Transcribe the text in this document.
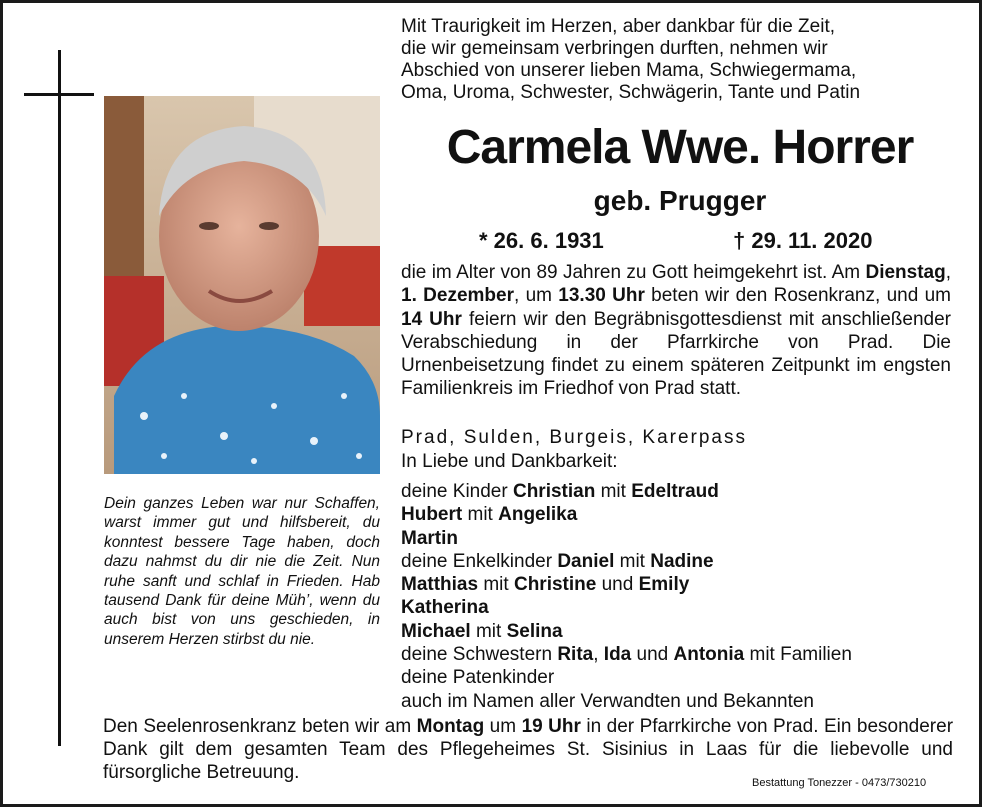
Mit Traurigkeit im Herzen, aber dankbar für die Zeit,
die wir gemeinsam verbringen durften, nehmen wir
Abschied von unserer lieben Mama, Schwiegermama,
Oma, Uroma, Schwester, Schwägerin, Tante und Patin
Carmela Wwe. Horrer
geb. Prugger
* 26. 6. 1931	† 29. 11. 2020
die im Alter von 89 Jahren zu Gott heimgekehrt ist. Am Dienstag, 1. Dezember, um 13.30 Uhr beten wir den Rosenkranz, und um 14 Uhr feiern wir den Begräbnisgottesdienst mit anschließender Verabschiedung in der Pfarrkirche von Prad. Die Urnenbeisetzung findet zu einem späteren Zeitpunkt im engsten Familienkreis im Friedhof von Prad statt.
Prad, Sulden, Burgeis, Karerpass
In Liebe und Dankbarkeit:
deine Kinder Christian mit Edeltraud
Hubert mit Angelika
Martin
deine Enkelkinder Daniel mit Nadine
Matthias mit Christine und Emily
Katherina
Michael mit Selina
deine Schwestern Rita, Ida und Antonia mit Familien
deine Patenkinder
auch im Namen aller Verwandten und Bekannten
Dein ganzes Leben war nur Schaffen, warst immer gut und hilfsbereit, du konntest bessere Tage haben, doch dazu nahmst du dir nie die Zeit. Nun ruhe sanft und schlaf in Frieden. Hab tausend Dank für deine Müh’, wenn du auch bist von uns geschieden, in unserem Herzen stirbst du nie.
Den Seelenrosenkranz beten wir am Montag um 19 Uhr in der Pfarrkirche von Prad. Ein besonderer Dank gilt dem gesamten Team des Pflegeheimes St. Sisinius in Laas für die liebevolle und fürsorgliche Betreuung.	Bestattung Tonezzer - 0473/730210
